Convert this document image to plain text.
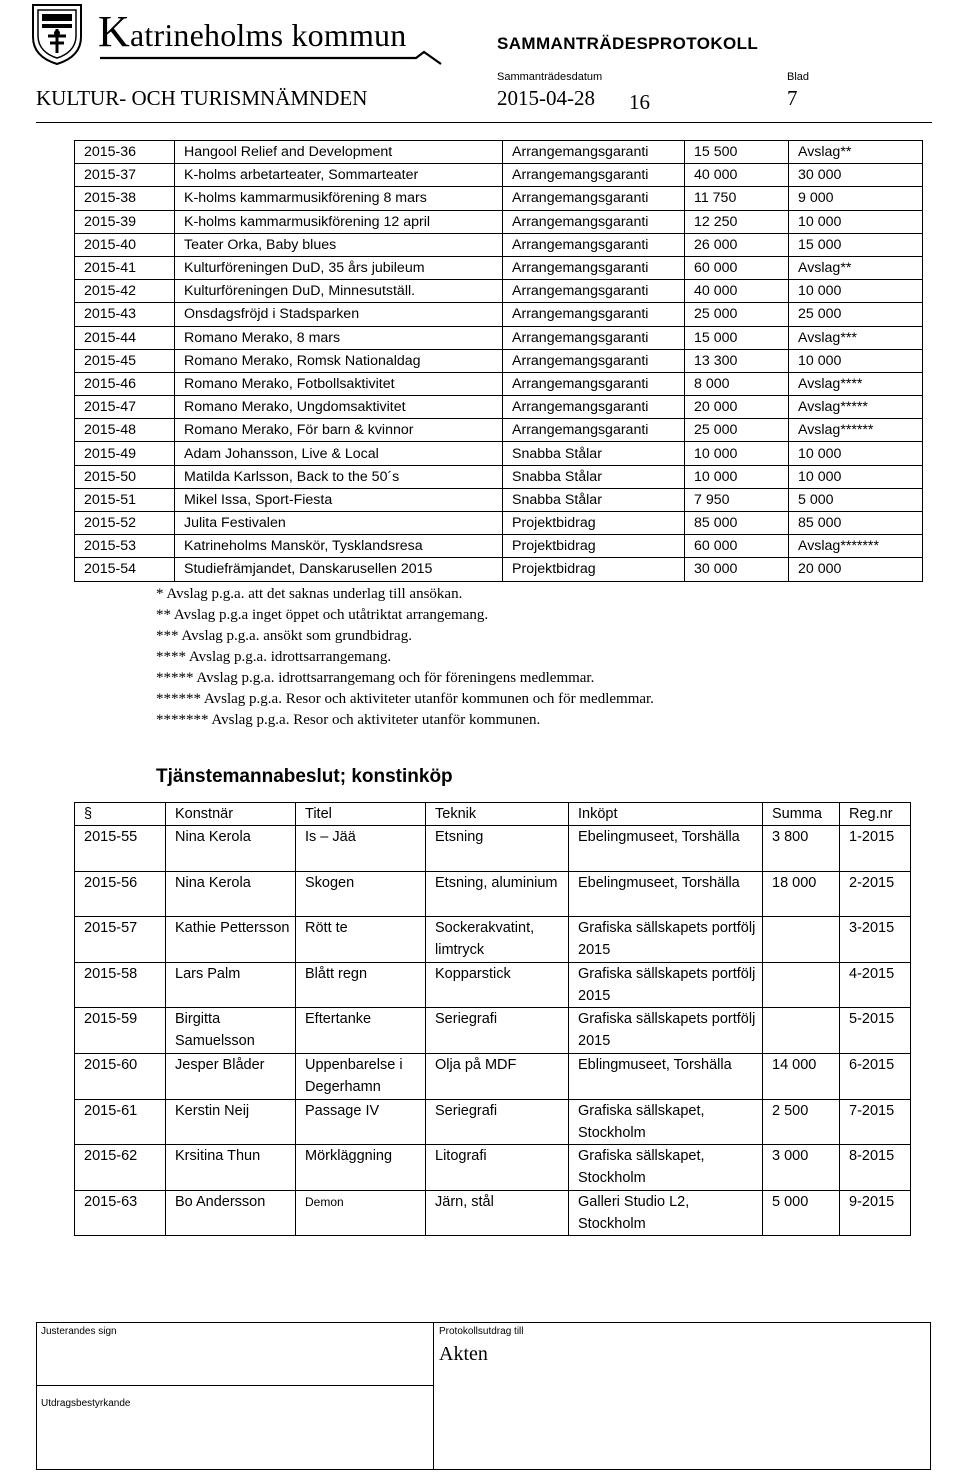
Katrineholms kommun	SAMMANTRÄDESPROTOKOLL
Sammanträdesdatum	Blad
KULTUR- OCH TURISMNÄMNDEN	2015-04-28 16	7
2015-36	Hangool Relief and Development	Arrangemangsgaranti	15 500	Avslag**
2015-37	K-holms arbetarteater, Sommarteater	Arrangemangsgaranti	40 000	30 000
2015-38	K-holms kammarmusikförening 8 mars	Arrangemangsgaranti	11 750	9 000
2015-39	K-holms kammarmusikförening 12 april	Arrangemangsgaranti	12 250	10 000
2015-40	Teater Orka, Baby blues	Arrangemangsgaranti	26 000	15 000
2015-41	Kulturföreningen DuD, 35 års jubileum	Arrangemangsgaranti	60 000	Avslag**
2015-42	Kulturföreningen DuD, Minnesutställ.	Arrangemangsgaranti	40 000	10 000
2015-43	Onsdagsfröjd i Stadsparken	Arrangemangsgaranti	25 000	25 000
2015-44	Romano Merako, 8 mars	Arrangemangsgaranti	15 000	Avslag***
2015-45	Romano Merako, Romsk Nationaldag	Arrangemangsgaranti	13 300	10 000
2015-46	Romano Merako, Fotbollsaktivitet	Arrangemangsgaranti	8 000	Avslag****
2015-47	Romano Merako, Ungdomsaktivitet	Arrangemangsgaranti	20 000	Avslag*****
2015-48	Romano Merako, För barn & kvinnor	Arrangemangsgaranti	25 000	Avslag******
2015-49	Adam Johansson, Live & Local	Snabba Stålar	10 000	10 000
2015-50	Matilda Karlsson, Back to the 50´s	Snabba Stålar	10 000	10 000
2015-51	Mikel Issa, Sport-Fiesta	Snabba Stålar	7 950	5 000
2015-52	Julita Festivalen	Projektbidrag	85 000	85 000
2015-53	Katrineholms Manskör, Tysklandsresa	Projektbidrag	60 000	Avslag*******
2015-54	Studiefrämjandet, Danskarusellen 2015	Projektbidrag	30 000	20 000
* Avslag p.g.a. att det saknas underlag till ansökan.
** Avslag p.g.a inget öppet och utåtriktat arrangemang.
*** Avslag p.g.a. ansökt som grundbidrag.
**** Avslag p.g.a. idrottsarrangemang.
***** Avslag p.g.a. idrottsarrangemang och för föreningens medlemmar.
****** Avslag p.g.a. Resor och aktiviteter utanför kommunen och för medlemmar.
******* Avslag p.g.a. Resor och aktiviteter utanför kommunen.
Tjänstemannabeslut; konstinköp
§	Konstnär	Titel	Teknik	Inköpt	Summa	Reg.nr
2015-55	Nina Kerola	Is – Jää	Etsning	Ebelingmuseet, Torshälla	3 800	1-2015
2015-56	Nina Kerola	Skogen	Etsning, aluminium	Ebelingmuseet, Torshälla	18 000	2-2015
2015-57	Kathie Pettersson	Rött te	Sockerakvatint, limtryck	Grafiska sällskapets portfölj 2015		3-2015
2015-58	Lars Palm	Blått regn	Kopparstick	Grafiska sällskapets portfölj 2015		4-2015
2015-59	Birgitta Samuelsson	Eftertanke	Seriegrafi	Grafiska sällskapets portfölj 2015		5-2015
2015-60	Jesper Blåder	Uppenbarelse i Degerhamn	Olja på MDF	Eblingmuseet, Torshälla	14 000	6-2015
2015-61	Kerstin Neij	Passage IV	Seriegrafi	Grafiska sällskapet, Stockholm	2 500	7-2015
2015-62	Krsitina Thun	Mörkläggning	Litografi	Grafiska sällskapet, Stockholm	3 000	8-2015
2015-63	Bo Andersson	Demon	Järn, stål	Galleri Studio L2, Stockholm	5 000	9-2015
Justerandes sign	Protokollsutdrag till
Akten
Utdragsbestyrkande
